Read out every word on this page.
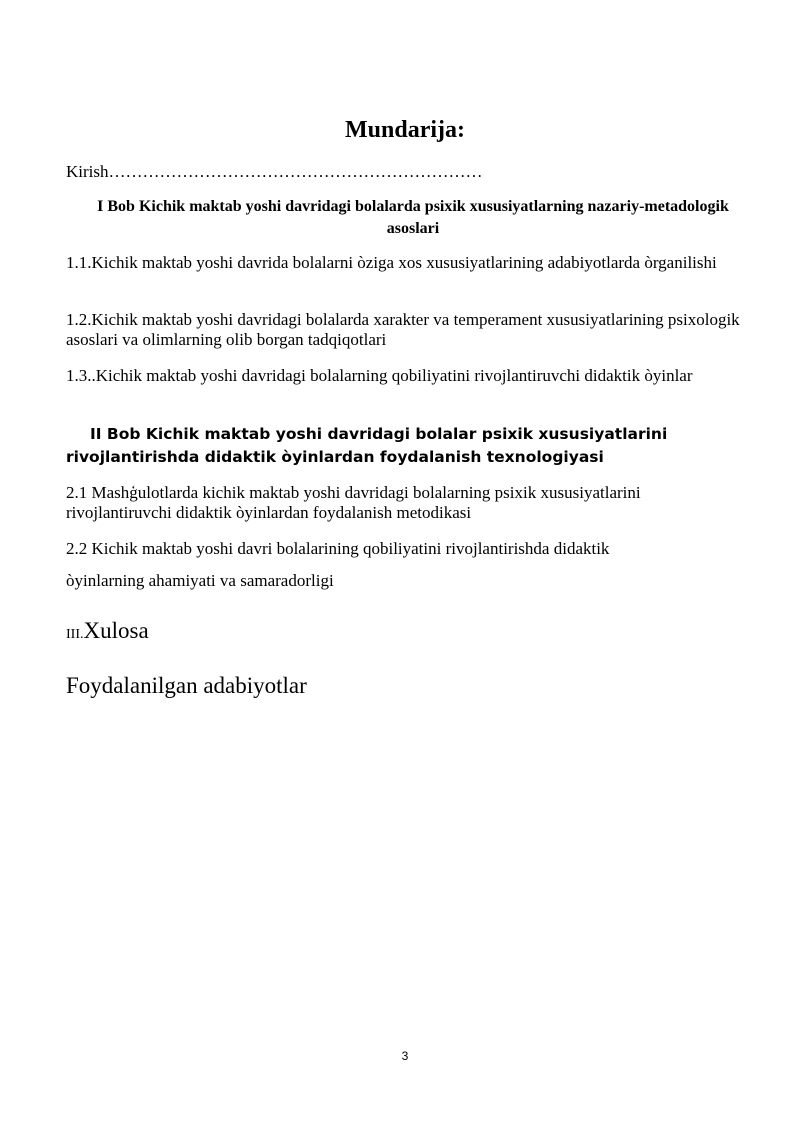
Mundarija:
Kirish…………………………………………………………
I Bob Kichik maktab yoshi davridagi bolalarda psixik xususiyatlarning nazariy-metadologik asoslari
1.1.Kichik maktab yoshi davrida bolalarni òziga xos xususiyatlarining adabiyotlarda òrganilishi
1.2.Kichik maktab yoshi davridagi bolalarda xarakter va temperament xususiyatlarining psixologik asoslari va olimlarning olib borgan tadqiqotlari
1.3..Kichik maktab yoshi davridagi bolalarning qobiliyatini rivojlantiruvchi didaktik òyinlar
II Bob Kichik maktab yoshi davridagi bolalar psixik xususiyatlarini rivojlantirishda didaktik òyinlardan foydalanish texnologiyasi
2.1 Mashģulotlarda kichik maktab yoshi davridagi bolalarning psixik xususiyatlarini rivojlantiruvchi didaktik òyinlardan foydalanish metodikasi
2.2 Kichik maktab yoshi davri bolalarining qobiliyatini rivojlantirishda didaktik
òyinlarning ahamiyati va samaradorligi
III.Xulosa
Foydalanilgan adabiyotlar
3
